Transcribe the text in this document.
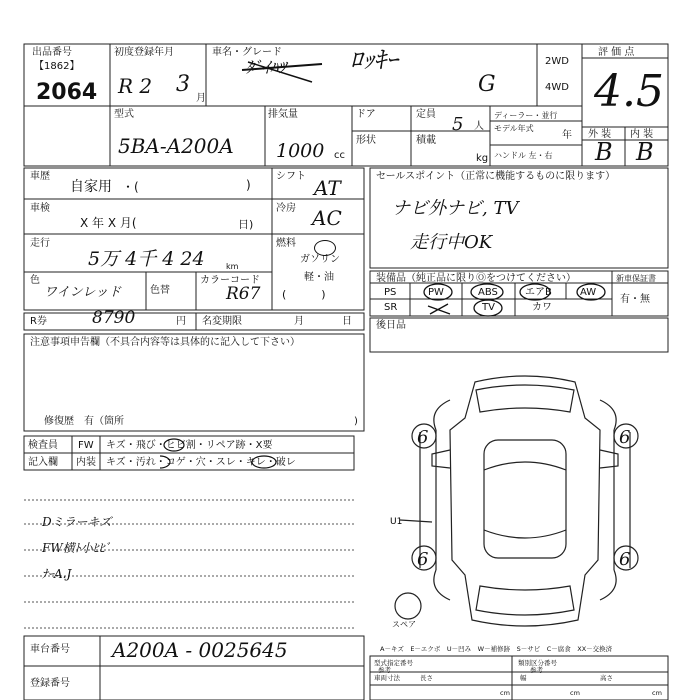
出品番号
【1862】
2064
初度登録年月
R 2 3
月
車名・グレード
ﾀﾞｲﾊﾂ	ﾛｯｷｰ
G
2WD
4WD
評 価 点
4.5
外 装 内 装
B B
型式
5BA-A200A
排気量
1000 cc
ドア
形状
定員 5 人
積載
kg
ディーラー・並行
モデル年式
年
ハンドル 左・右
車歴
自家用 ・(	)
車検
X 年 X 月(	日)
走行
5万 4千 4 24	km
色
ワインレッド	色替
カラーコード
R67
R券	8790	円 名変期限	月	日
シフト AT
冷房 AC
燃料
ガソリン
軽・油
(          )
セールスポイント（正常に機能するものに限ります）
ナビ外ナビ, TV
走行中OK
装備品（純正品に限りⓄをつけてください）
PS	PW	ABS	エアB	AW
SR	TV	カワ
新車保証書
有・無
後日品
注意事項申告欄（不具合内容等は具体的に記入して下さい）
修復歴　有（箇所	)
検査員
記入欄
FW キズ・飛び・ヒビ割・リペア跡・X要
内装 キズ・汚れ・コゲ・穴・スレ・キレ・破レ
Dミラーキズ
FW横ﾄ小ﾋﾋﾞ
ﾅｰA.J
6	6
6	6
U1
スペア
A－キズ　E－エクボ　U－凹み　W－補修跡　S－サビ　C－腐食　XX－交換済
車台番号 A200A - 0025645
登録番号
型式指定番号
参考
類別区分番号
参考
車両寸法	長さ
cm
幅
cm
高さ
cm
